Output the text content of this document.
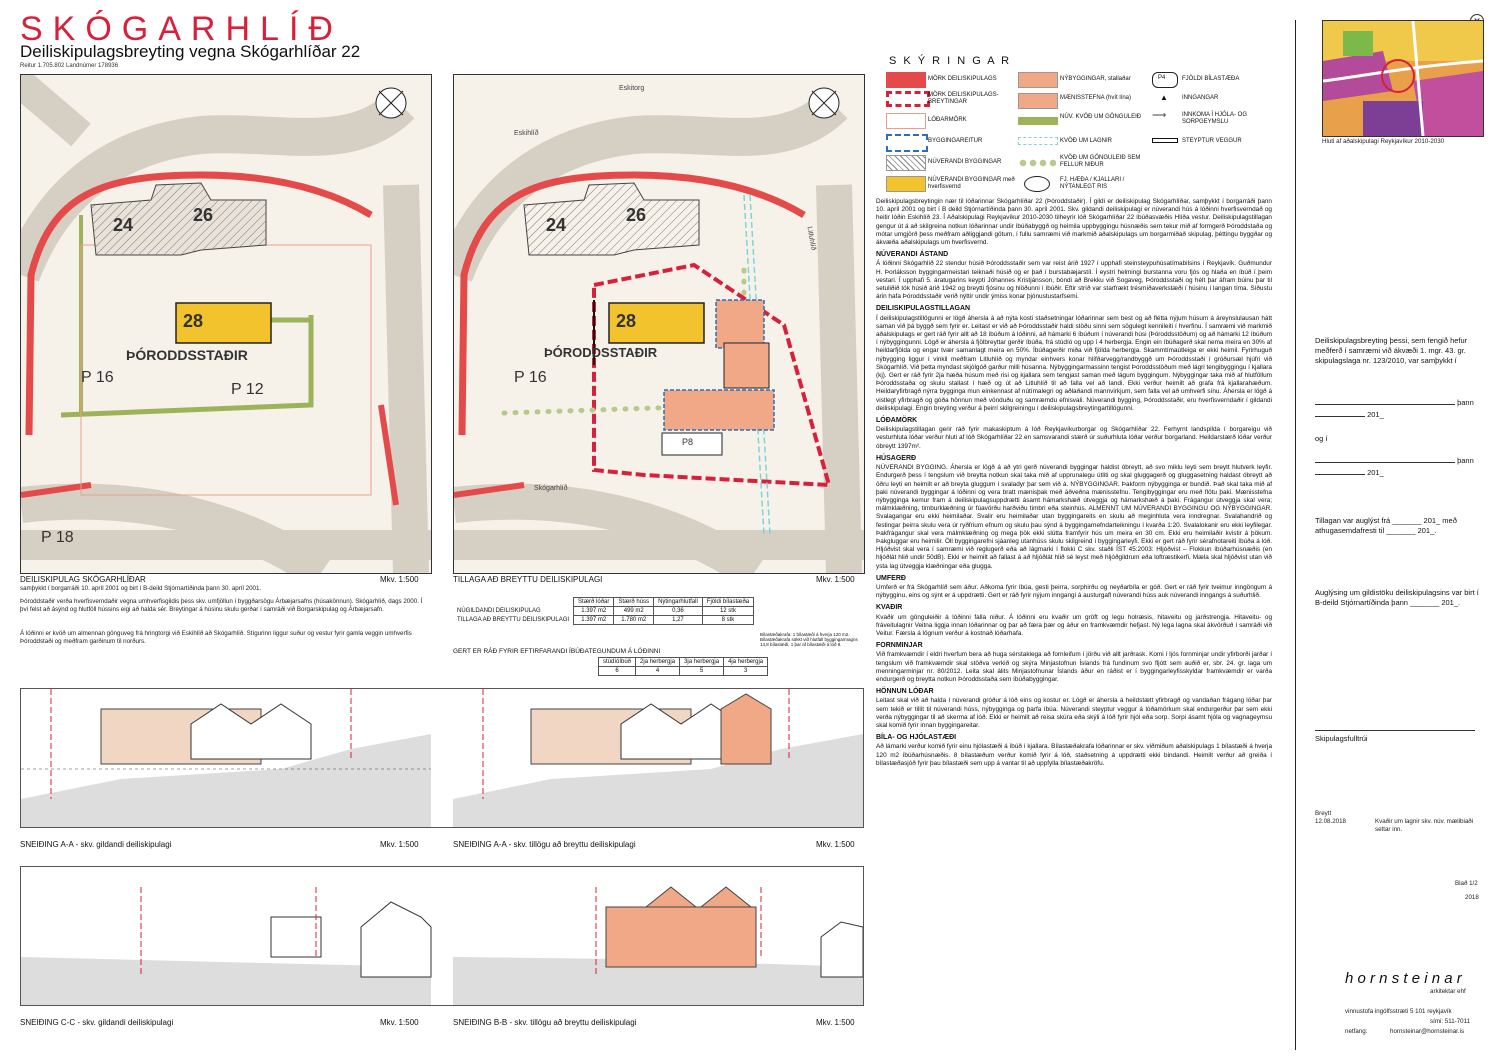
SKÓGARHLÍÐ
Deiliskipulagsbreyting vegna Skógarhlíðar 22
Reitur 1.705.802 Landnúmer 178936
24	26
28
ÞÓRODDSSTAÐIR
P 16
P 12
P 18
DEILISKIPULAG SKÓGARHLÍÐAR	Mkv. 1:500
samþykkt í borgarráði 10. apríl 2001 og birt í B-deild Stjórnartíðinda þann 30. apríl 2001.
Þóroddstaðir verða hverfisverndaðir vegna umhverfisgildis þess skv. umfjöllun í byggðarsögu Árbæjarsafns (húsakönnun). Skógarhlíð, dags 2000. Í því felst að ásýnd og hlutföll hússins eigi að halda sér. Breytingar á húsinu skulu gerðar í samráði við Borgarskipulag og Árbæjarsafn.
Á lóðinni er kvöð um almennan gönguveg frá hringtorgi við Eskihlíð að Skógarhlíð. Stígurinn liggur suður og vestur fyrir gamla veggin umhverfis Þóroddstaði og meðfram garðinum til norðurs.
24	26
28
ÞÓRODDSSTAÐIR
P 16
P8
Eskitorg
Eskihlíð
Skógarhlíð
Litluhlíð
TILLAGA AÐ BREYTTU DEILISKIPULAGI	Mkv. 1:500
	Stærð lóðar	Stærð húss	Nýtingarhlutfall	Fjöldi bílastæða
NÚGILDANDI DEILISKIPULAG	1.397 m2	499 m2	0,36	12 stk
TILLAGA AÐ BREYTTU DEILISKIPULAGI	1.397 m2	1.780 m2	1,27	8 stk
Bílastæðakrafa: 1 bílastæði á hverja 120 m2. Bílastæðakrafa sökkt við hlutfall byggingarmagns 14,8 bílastæði, 1 þar af bílastæði á lóð 8.
GERT ER RÁÐ FYRIR EFTIRFARANDI ÍBÚÐATEGUNDUM Á LÓÐINNI
stúdíóíbúð	2ja herbergja	3ja herbergja	4ja herbergja
6	4	5	3
SNEIÐING A-A - skv. gildandi deiliskipulagi	Mkv. 1:500	SNEIÐING A-A - skv. tillögu að breyttu deiliskipulagi	Mkv. 1:500
SNEIÐING C-C - skv. gildandi deiliskipulagi	Mkv. 1:500	SNEIÐING B-B - skv. tillögu að breyttu deiliskipulagi	Mkv. 1:500
S K Ý R I N G A R
MÖRK DEILISKIPULAGS
MÖRK DEILISKIPULAGS-BREYTINGAR
LÓÐARMÖRK
BYGGINGAREITUR
NÚVERANDI BYGGINGAR
NÚVERANDI BYGGINGAR með hverfisvernd
NÝBYGGINGAR, stallaðar
MÆNISSTEFNA (hvít lína)
NÚV. KVÖÐ UM GÖNGULEIÐ
KVÖÐ UM LAGNIR
KVÖÐ UM GÖNGULEIÐ SEM FELLUR NIÐUR
FJ. HÆÐA / KJALLARI / NÝTANLEGT RIS
P4	FJÖLDI BÍLASTÆÐA
▲ INNGANGAR
⟶	INNKOMA Í HJÓLA- OG SORPGEYMSLU
STEYPTUR VEGGUR

Deiliskipulagsbreytingin nær til lóðarinnar Skógarhlíðar 22 (Þóroddstaðir). Í gildi er deiliskipulag Skógarhlíðar, samþykkt í borgarráði þann 10. apríl 2001 og birt í B deild Stjórnartíðinda þann 30. apríl 2001. Skv. gildandi deiliskipulagi er núverandi hús á lóðinni hverfisverndað og heitir lóðin Eskihlíð 23. Í Aðalskipulagi Reykjavíkur 2010-2030 tilheyrir lóð Skógarhlíðar 22 íbúðasvæðis Hlíða vestur. Deiliskipulagstillagan gengur út á að skilgreina notkun lóðarinnar undir íbúðabyggð og heimila uppbyggingu húsnæðis sem tekur mið af formgerð Þóroddstaða og mótar umgjörð þess meðfram aðliggjandi götum, í fullu samræmi við markmið aðalskipulags um borgarmiðað skipulag, þéttingu byggðar og ákvæða aðalskipulags um hverfisvernd.

NÚVERANDI ÁSTAND

Á lóðinni Skógarhlíð 22 stendur húsið Þóroddsstaðir sem var reist árið 1927 í upphafi steinsteypuhúsatímabilsins í Reykjavík. Guðmundur H. Þorláksson byggingarmeistari teiknaði húsið og er það í burstabæjarstíl. Í eystri helmingi burstanna voru fjós og hlaða en íbúð í þeim vestari. Í upphafi 5. áratugarins keypti Jóhannes Kristjánsson, bóndi að Brekku við Sogaveg, Þóroddsstaði og hélt þar áfram búinu þar til setuliðið tók húsið árið 1942 og breytti fjósinu og hlöðunni í íbúðir. Eftir stríð var starfrækt trésmíðaverkstæði í húsinu í langan tíma. Síðustu árin hafa Þóroddsstaðir verið nýttir undir ýmiss konar þjónustustarfsemi.

DEILISKIPULAGSTILLAGAN

Í deiliskipulagstillögunni er lögð áhersla á að nýta kosti staðsetningar lóðarinnar sem best og að flétta nýjum húsum á áreynslulausan hátt saman við þá byggð sem fyrir er. Leitast er við að Þóroddsstaðir haldi stöðu sinni sem sögulegt kennileiti í hverfinu. Í samræmi við markmið aðalskipulags er gert ráð fyrir allt að 18 íbúðum á lóðinni, að hámarki 6 íbúðum í núverandi húsi (Þóroddsstöðum) og að hámarki 12 íbúðum í nýbyggingunni. Lögð er áhersla á fjölbreyttar gerðir íbúða, frá stúdíó og upp í 4 herbergja. Engin ein íbúðagerð skal nema meira en 30% af heildarfjölda og engar tvær samanlagt meira en 50%. Íbúðagerðir miða við fjölda herbergja. Skammtímaútleiga er ekki heimil. Fyrirhuguð nýbygging liggur í vinkil meðfram Litluhlíð og myndar einhvers konar hlífðarvegg/randbyggð um Þóroddsstaði í gróðursæl hjúfri við Skógarhlíð. Við þetta myndast skjólgóð garður milli húsanna. Nýbyggingarmassinn tengist Þóroddsstöðum með lágri tengibyggingu í kjallara (kj). Gert er ráð fyrir 2ja hæða húsum með risi og kjallara sem tengjast saman með lágum byggingum. Nýbyggingar taka mið af hlutföllum Þóroddsstaða og skulu stallast í hæð og út að Litluhlíð til að falla vel að landi. Ekki verður heimilt að grafa frá kjallarahæðum. Heildaryfirbragð nýrra bygginga mun einkennast af nútímalegri og aðlaðandi mannvirkjum, sem falla vel að umhverfi sínu. Áhersla er lögð á vistlegt yfirbragð og góða hönnun með vönduðu og samræmdu efnisvali. Núverandi bygging, Þóroddsstaðir, eru hverfisverndaðir í gildandi deiliskipulagi. Engin breyting verður á þeirri skilgreiningu í deiliskipulagsbreytingartillögunni.

LÓÐAMÖRK

Deiliskipulagstillagan gerir ráð fyrir makaskiptum á lóð Reykjavíkurborgar og Skógarhlíðar 22. Ferhyrnt landspilda í borgareigu við vesturhluta lóðar verður hluti af lóð Skógarhlíðar 22 en samsvarandi stærð úr suðurhluta lóðar verður borgarland. Heildarstærð lóðar verður óbreytt 1397m².

HÚSAGERÐ

NÚVERANDI BYGGING. Áhersla er lögð á að ytri gerð núverandi byggingar haldist óbreytt, að svo miklu leyti sem breytt hlutverk leyfir. Endurgerð þess í tengslum við breytta notkun skal taka mið af upprunalegu útliti og skal gluggagerð og gluggasetning haldast óbreytt að öðru leyti en heimilt er að breyta gluggum í svaladyr þar sem við á. NÝBYGGINGAR. Þakform nýbygginga er bundið. Það skal taka mið af þaki núverandi byggingar á lóðinni og vera bratt mænisþak með áðveðna mænisstefnu. Tengibyggingar eru með flötu þaki. Mænisstefna nýbygginga kemur fram á deiliskipulagsuppdrætti ásamt hámarkshæð útveggja og hámarkshæð á þaki. Frágangur útveggja skal vera; málmklæðning, timburklæðning úr fúavörðu harðviðu timbri eða steinhús. ALMENNT UM NÚVERANDI BYGGINGU OG NÝBYGGINGAR. Svalagangar eru ekki heimilaðar. Svalir eru heimilaðar utan byggingareits en skulu að meginhluta vera inndregnar. Svalahandrið og festingar þeirra skulu vera úr ryðfrium efnum og skulu þau sýnd á byggingarnefndarteikningu í kvarða 1:20. Svalalokanir eru ekki leyfilegar. Þakfrágangur skal vera málmklæðning og mega þök ekki slútta framfyrir hús um meira en 30 cm. Ekki eru heimilaðir kvistir á þökum. Þakgluggar eru heimilir. Öll byggingarefni sjáanleg utanhúss skulu skilgreind í byggingarleyfi. Ekki er gert ráð fyrir sérafnotareiti íbúða á lóð. Hljóðvist skal vera í samræmi við reglugerð eða að lágmarki í flokki C skv. staðli ÍST 45:2003: Hljóðvist – Flokkun íbúðarhúsnæðis (en hljóðlát hlið undir 50dB). Ekki er heimilt að fallast á að hljóðlát hlið sé leyst með hljóðgildrum eða loftræstikerfi. Mæla skal hljóðvist utan við ysta lag útveggja klæðningar eða glugga.

UMFERÐ

Umferð er frá Skógarhlíð sem áður. Aðkoma fyrir íbúa, gesti þeirra, sorphirðu og neyðarbíla er góð. Gert er ráð fyrir tveimur inngöngum á nýbygginu, eins og sýnt er á uppdrætti. Gert er ráð fyrir nýjum inngangi á austurgafl núverandi húss auk núverandi inngangs á suðurhlið.

KVAÐIR

Kvaðir um gönguleiðir á lóðinni falla niður. Á lóðinni eru kvaðir um gröft og legu holræsis, hitaveitu og jarðstrengja. Hitaveitu- og fráveitulagnir Veitna liggja innan lóðarinnar og þar að færa þær og áður en framkvæmdir hefjast. Ný lega lagna skal ákvörðuð í samráði við Veitur. Færsla á lögnum verður á kostnað lóðarhafa.

FORNMINJAR

Við framkvæmdir í eldri hverfum bera að huga sérstaklega að fornleifum í jörðu við allt jarðrask. Komi í ljós fornminjar undir yfirborði jarðar í tengslum við framkvæmdir skal stöðva verkið og skýra Minjastofnun Íslands frá fundinum svo fljótt sem auðið er, sbr. 24. gr. laga um menningarminjar nr. 80/2012. Leita skal álits Minjastofnunar Íslands áður en ráðist er í byggingarleyfisskyldar framkvæmdir er varða endurgerð og breytta notkun Þóroddsstaða sem íbúðabyggingar.

HÖNNUN LÓÐAR

Leitast skal við að halda í núverandi gróður á lóð eins og kostur er. Lögð er áhersla á heildstætt yfirbragð og vandaðan frágang lóðar þar sem tekið er tillit til núverandi húss, nýbygginga og þarfa íbúa. Núverandi steyptur veggur á lóðamörkum skal endurgerður þar sem ekki verða nýbyggingar til að skerma af lóð. Ekki er heimilt að reisa skúra eða skýli á lóð fyrir hjól eða sorp. Sorpi ásamt hjóla og vagnageymsu skal komið fyrir innan byggingareitar.

BÍLA- OG HJÓLASTÆÐI

Að lámarki verður komið fyrir einu hjólastæði á íbúð í kjallara. Bílastæðakrafa lóðarinnar er skv. viðmiðum aðalskipulags 1 bílastæði á hverja 120 m2 íbúðarhúsnæðis. 8 bílastæðum verður komið fyrir á lóð, staðsetning á uppdrætti ekki bindandi. Heimilt verður að greiða í bílastæðasjóð fyrir þau bílastæði sem upp á vantar til að uppfylla bílastæðakröfu.

Hluti af aðalskipulagi Reykjavíkur 2010-2030
Deiliskipulagsbreyting þessi, sem fengið hefur meðferð í samræmi við ákvæði 1. mgr. 43. gr. skipulagslaga nr. 123/2010, var samþykkt í
þann
201_
og í
þann
201_
Tillagan var auglýst frá _______ 201_ með athugasemdafresti til _______ 201_.
Auglýsing um gildistöku deiliskipulagsins var birt í B-deild Stjórnartíðinda þann _______ 201_.
Skipulagsfulltrúi
Breytt
12.08.2018	Kvaðir um lagnir skv. núv. mælibiaði settar inn.
Blað 1/2
2018
h o r n s t e i n a r
arkitektar ehf
vinnustofa ingólfsstræti 5 101 reykjavík
sími: 511-7011
netfang:	hornsteinar@hornsteinar.is
